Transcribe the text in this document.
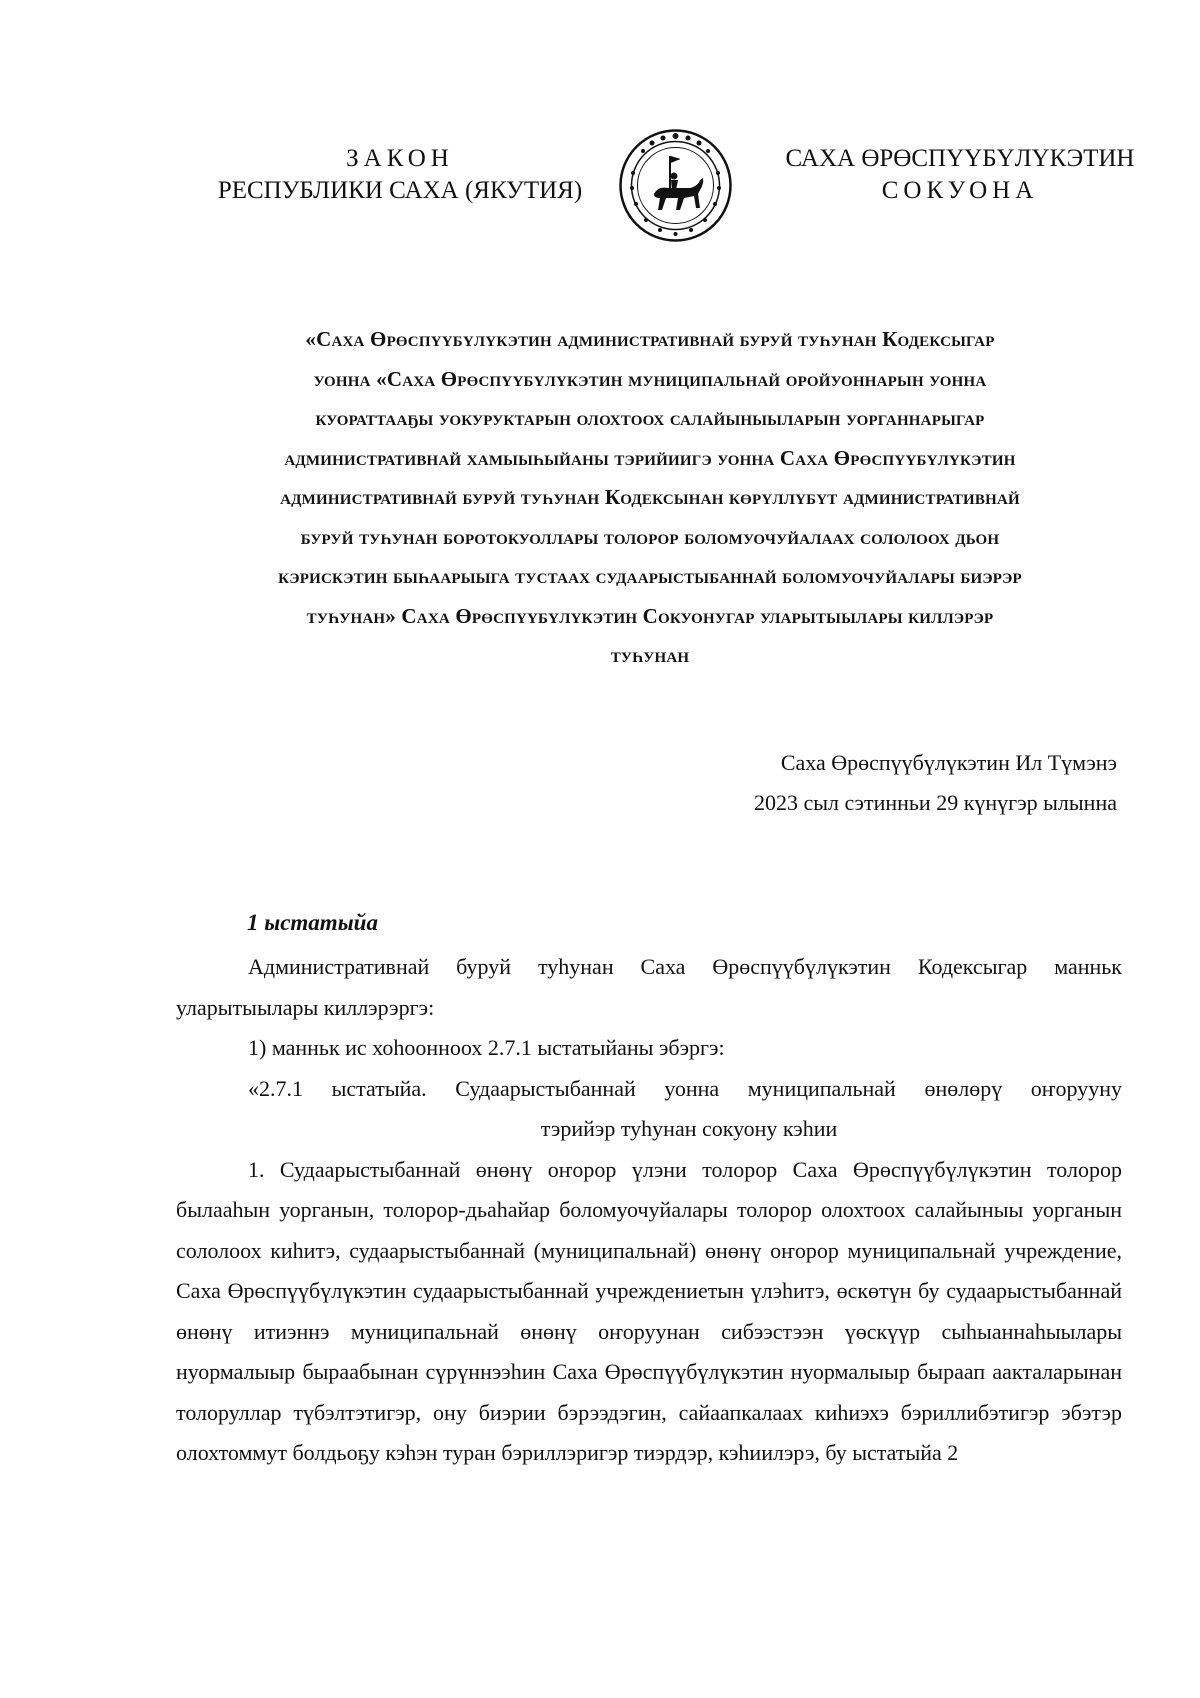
ЗАКОН
РЕСПУБЛИКИ САХА (ЯКУТИЯ)
САХА ӨРӨСПҮҮБҮЛҮКЭТИН
СОКУОНА
«Саха Өрөспүүбүлүкэтин административнай буруй туһунан Кодексыгар
уонна «Саха Өрөспүүбүлүкэтин муниципальнай оройуоннарын уонна
куораттааҕы уокуруктарын олохтоох салайыныыларын уорганнарыгар
административнай хамыыһыйаны тэрийиигэ уонна Саха Өрөспүүбүлүкэтин
административнай буруй туһунан Кодексынан көрүллүбүт административнай
буруй туһунан боротокуоллары толорор боломуочуйалаах сололоох дьон
кэрискэтин быһаарыыга тустаах судаарыстыбаннай боломуочуйалары биэрэр
туһунан» Саха Өрөспүүбүлүкэтин Сокуонугар уларытыылары киллэрэр
туһунан
Саха Өрөспүүбүлүкэтин Ил Түмэнэ
2023 сыл сэтинньи 29 күнүгэр ылынна
1 ыстатыйа

Административнай буруй туһунан Саха Өрөспүүбүлүкэтин Кодексыгар манньк уларытыылары киллэрэргэ:

1) манньк ис хоһоонноох 2.7.1 ыстатыйаны эбэргэ:

«2.7.1 ыстатыйа. Судаарыстыбаннай уонна муниципальнай өнөлөрү оҥорууну

тэрийэр туһунан сокуону кэһии

1. Судаарыстыбаннай өнөнү оҥорор үлэни толорор Саха Өрөспүүбүлүкэтин толорор былааһын уорганын, толорор-дьаһайар боломуочуйалары толорор олохтоох салайыныы уорганын сололоох киһитэ, судаарыстыбаннай (муниципальнай) өнөнү оҥорор муниципальнай учреждение, Саха Өрөспүүбүлүкэтин судаарыстыбаннай учреждениетын үлэһитэ, өскөтүн бу судаарыстыбаннай өнөнү итиэннэ муниципальнай өнөнү оҥоруунан сибээстээн үөскүүр сыһыаннаһыылары нуормалыыр быраабынан сүрүннээһин Саха Өрөспүүбүлүкэтин нуормалыыр быраап аакталарынан толоруллар түбэлтэтигэр, ону биэрии бэрээдэгин, сайаапкалаах киһиэхэ бэриллибэтигэр эбэтэр олохтоммут болдьоҕу кэһэн туран бэриллэригэр тиэрдэр, кэһиилэрэ, бу ыстатыйа 2
